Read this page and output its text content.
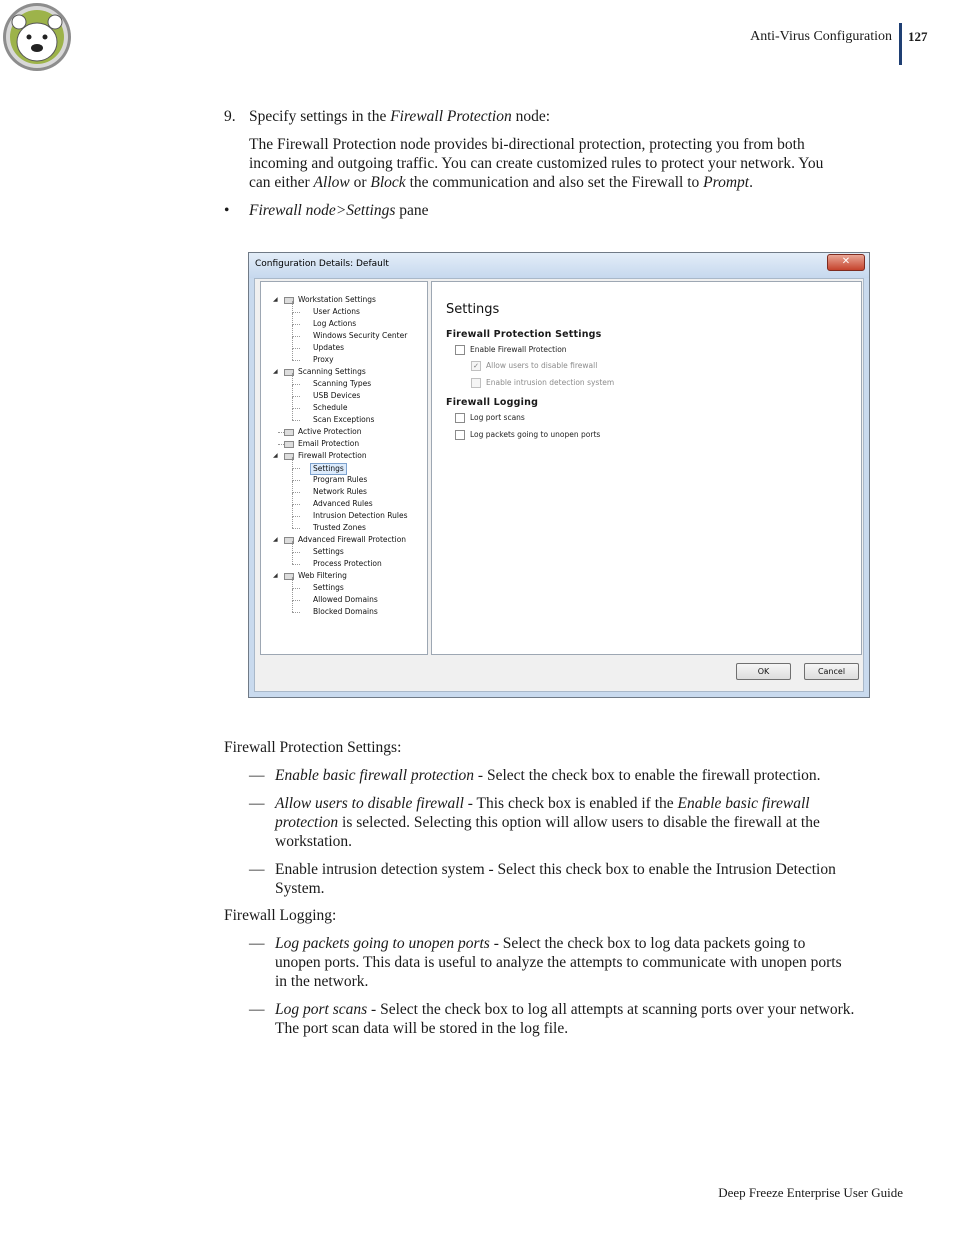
Anti-Virus Configuration 127
9. Specify settings in the Firewall Protection node:
The Firewall Protection node provides bi-directional protection, protecting you from both
incoming and outgoing traffic. You can create customized rules to protect your network. You
can either Allow or Block the communication and also set the Firewall to Prompt.
• Firewall node>Settings pane
Configuration Details: Default	✕
◢	Workstation Settings
User Actions
Log Actions
Windows Security Center
Updates
Proxy
◢	Scanning Settings
Scanning Types
USB Devices
Schedule
Scan Exceptions
Active Protection
Email Protection
◢	Firewall Protection
Settings
Program Rules
Network Rules
Advanced Rules
Intrusion Detection Rules
Trusted Zones
◢	Advanced Firewall Protection
Settings
Process Protection
◢	Web Filtering
Settings
Allowed Domains
Blocked Domains
Settings
Firewall Protection Settings
Enable Firewall Protection
✓ Allow users to disable firewall
Enable intrusion detection system
Firewall Logging
Log port scans
Log packets going to unopen ports
OK	Cancel
Firewall Protection Settings:
— Enable basic firewall protection - Select the check box to enable the firewall protection.
— Allow users to disable firewall - This check box is enabled if the Enable basic firewall
protection is selected. Selecting this option will allow users to disable the firewall at the
workstation.
— Enable intrusion detection system - Select this check box to enable the Intrusion Detection
System.
Firewall Logging:
— Log packets going to unopen ports - Select the check box to log data packets going to
unopen ports. This data is useful to analyze the attempts to communicate with unopen ports
in the network.
— Log port scans - Select the check box to log all attempts at scanning ports over your network.
The port scan data will be stored in the log file.
Deep Freeze Enterprise User Guide
